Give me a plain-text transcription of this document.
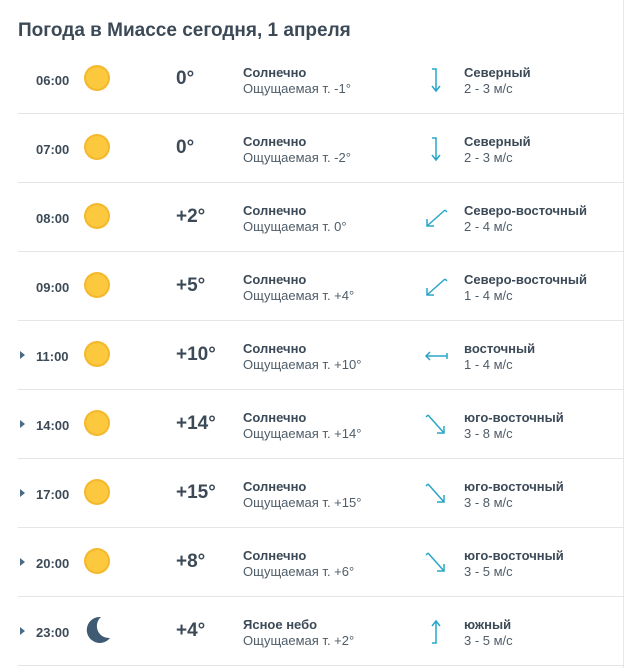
Погода в Миассе сегодня, 1 апреля
06:00	0°	Солнечно
Ощущаемая т. -1°
Северный
2 - 3 м/с
07:00	0°	Солнечно
Ощущаемая т. -2°
Северный
2 - 3 м/с
08:00	+2°	Солнечно
Ощущаемая т. 0°
Северо-восточный
2 - 4 м/с
09:00	+5°	Солнечно
Ощущаемая т. +4°
Северо-восточный
1 - 4 м/с
11:00	+10° Солнечно
Ощущаемая т. +10°
восточный
1 - 4 м/с
14:00	+14° Солнечно
Ощущаемая т. +14°
юго-восточный
3 - 8 м/с
17:00	+15° Солнечно
Ощущаемая т. +15°
юго-восточный
3 - 8 м/с
20:00	+8°	Солнечно
Ощущаемая т. +6°
юго-восточный
3 - 5 м/с
23:00	+4°	Ясное небо
Ощущаемая т. +2°
южный
3 - 5 м/с
